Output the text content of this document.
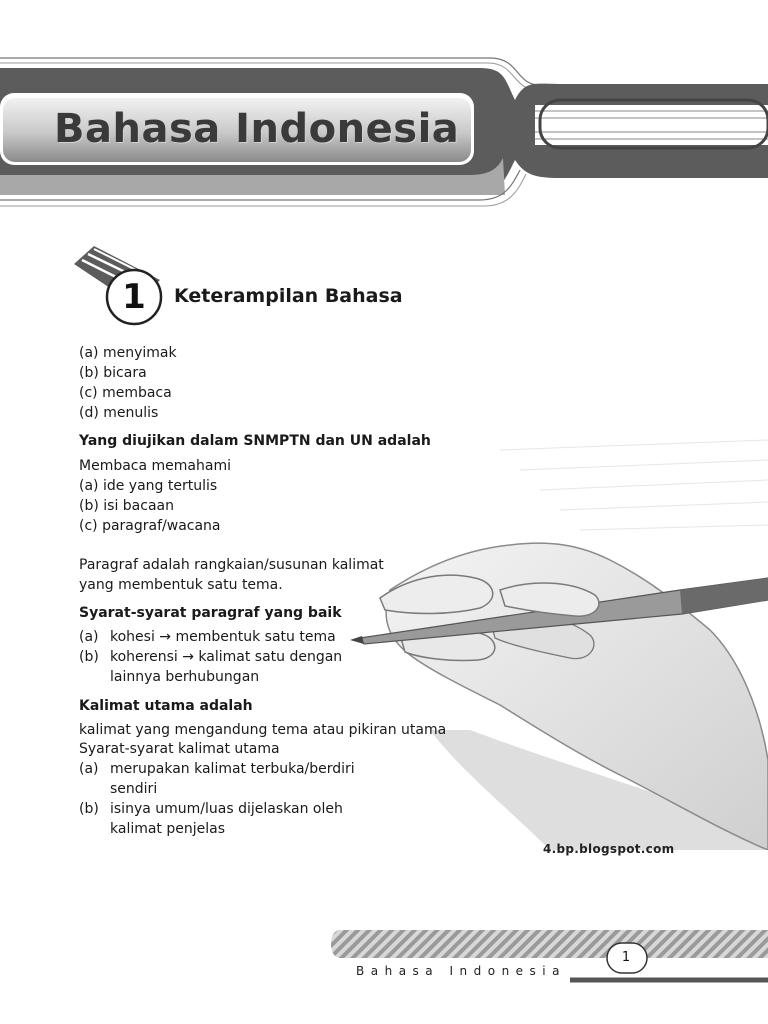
Bahasa Indonesia
1	Keterampilan Bahasa
(a) menyimak
(b) bicara
(c) membaca
(d) menulis
Yang diujikan dalam SNMPTN dan UN adalah
Membaca memahami
(a) ide yang tertulis
(b) isi bacaan
(c) paragraf/wacana
Paragraf adalah rangkaian/susunan kalimat
yang membentuk satu tema.
Syarat-syarat paragraf yang baik
(a) kohesi → membentuk satu tema
(b) koherensi → kalimat satu dengan
lainnya berhubungan
Kalimat utama adalah
kalimat yang mengandung tema atau pikiran utama
Syarat-syarat kalimat utama
(a) merupakan kalimat terbuka/berdiri
sendiri
(b) isinya umum/luas dijelaskan oleh
kalimat penjelas
4.bp.blogspot.com
Bahasa Indonesia
1
